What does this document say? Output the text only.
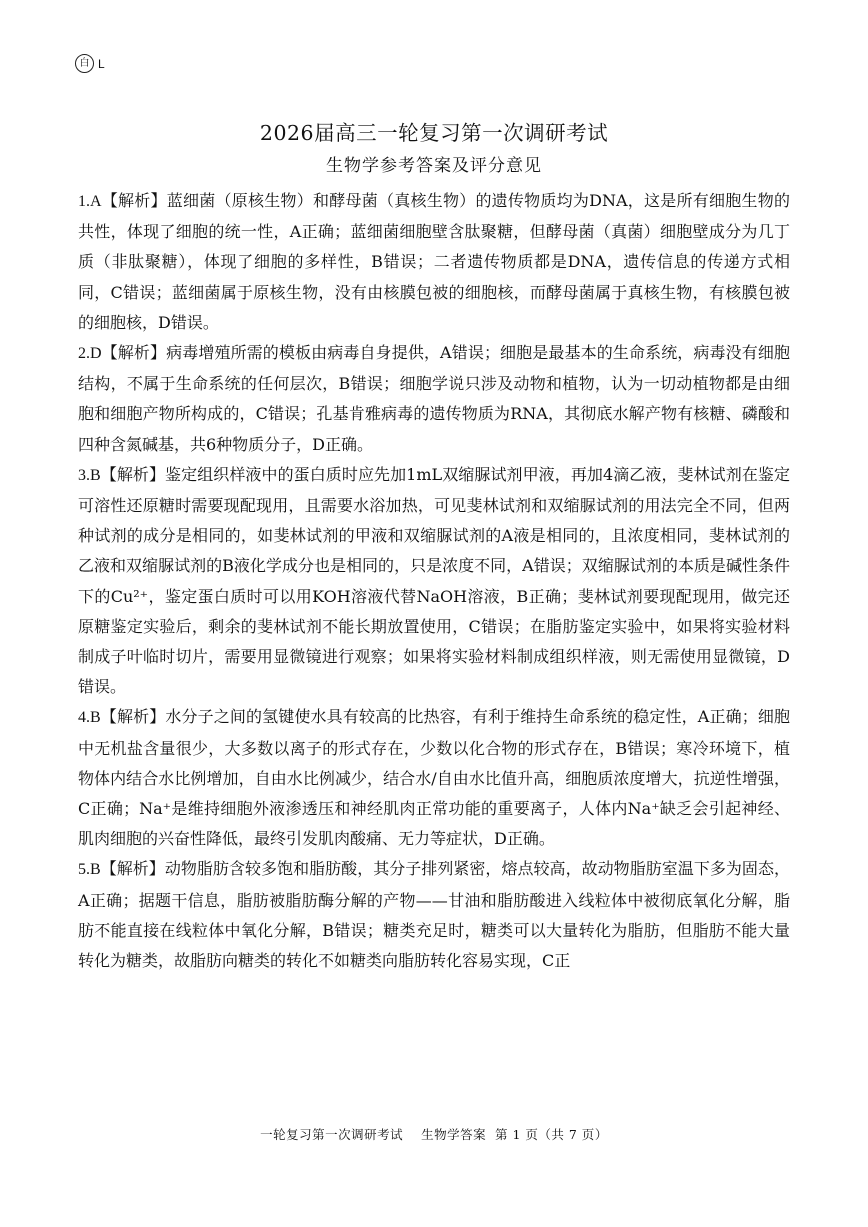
白 L
2026届高三一轮复习第一次调研考试
生物学参考答案及评分意见

1.A【解析】蓝细菌（原核生物）和酵母菌（真核生物）的遗传物质均为DNA，这是所有细胞生物的共性，体现了细胞的统一性，A正确；蓝细菌细胞壁含肽聚糖，但酵母菌（真菌）细胞壁成分为几丁质（非肽聚糖），体现了细胞的多样性，B错误；二者遗传物质都是DNA，遗传信息的传递方式相同，C错误；蓝细菌属于原核生物，没有由核膜包被的细胞核，而酵母菌属于真核生物，有核膜包被的细胞核，D错误。

2.D【解析】病毒增殖所需的模板由病毒自身提供，A错误；细胞是最基本的生命系统，病毒没有细胞结构，不属于生命系统的任何层次，B错误；细胞学说只涉及动物和植物，认为一切动植物都是由细胞和细胞产物所构成的，C错误；孔基肯雅病毒的遗传物质为RNA，其彻底水解产物有核糖、磷酸和四种含氮碱基，共6种物质分子，D正确。

3.B【解析】鉴定组织样液中的蛋白质时应先加1mL双缩脲试剂甲液，再加4滴乙液，斐林试剂在鉴定可溶性还原糖时需要现配现用，且需要水浴加热，可见斐林试剂和双缩脲试剂的用法完全不同，但两种试剂的成分是相同的，如斐林试剂的甲液和双缩脲试剂的A液是相同的，且浓度相同，斐林试剂的乙液和双缩脲试剂的B液化学成分也是相同的，只是浓度不同，A错误；双缩脲试剂的本质是碱性条件下的Cu²⁺，鉴定蛋白质时可以用KOH溶液代替NaOH溶液，B正确；斐林试剂要现配现用，做完还原糖鉴定实验后，剩余的斐林试剂不能长期放置使用，C错误；在脂肪鉴定实验中，如果将实验材料制成子叶临时切片，需要用显微镜进行观察；如果将实验材料制成组织样液，则无需使用显微镜，D错误。

4.B【解析】水分子之间的氢键使水具有较高的比热容，有利于维持生命系统的稳定性，A正确；细胞中无机盐含量很少，大多数以离子的形式存在，少数以化合物的形式存在，B错误；寒冷环境下，植物体内结合水比例增加，自由水比例减少，结合水/自由水比值升高，细胞质浓度增大，抗逆性增强，C正确；Na⁺是维持细胞外液渗透压和神经肌肉正常功能的重要离子，人体内Na⁺缺乏会引起神经、肌肉细胞的兴奋性降低，最终引发肌肉酸痛、无力等症状，D正确。

5.B【解析】动物脂肪含较多饱和脂肪酸，其分子排列紧密，熔点较高，故动物脂肪室温下多为固态，A正确；据题干信息，脂肪被脂肪酶分解的产物——甘油和脂肪酸进入线粒体中被彻底氧化分解，脂肪不能直接在线粒体中氧化分解，B错误；糖类充足时，糖类可以大量转化为脂肪，但脂肪不能大量转化为糖类，故脂肪向糖类的转化不如糖类向脂肪转化容易实现，C正

一轮复习第一次调研考试    生物学答案  第 1 页（共 7 页）
